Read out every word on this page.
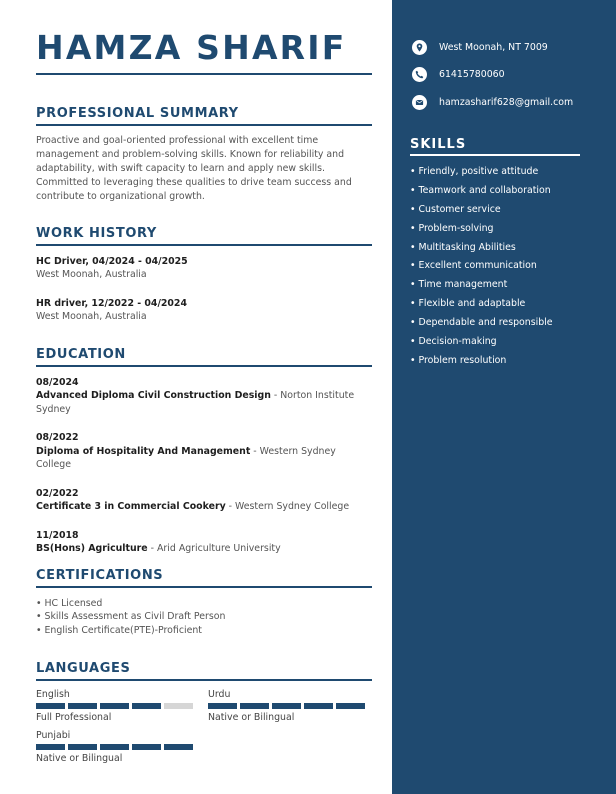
HAMZA SHARIF
PROFESSIONAL SUMMARY
Proactive and goal-oriented professional with excellent time management and problem-solving skills. Known for reliability and adaptability, with swift capacity to learn and apply new skills. Committed to leveraging these qualities to drive team success and contribute to organizational growth.
WORK HISTORY
HC Driver, 04/2024 - 04/2025
West Moonah, Australia
HR driver, 12/2022 - 04/2024
West Moonah, Australia
EDUCATION
08/2024
Advanced Diploma Civil Construction Design - Norton Institute Sydney
08/2022
Diploma of Hospitality And Management - Western Sydney College
02/2022
Certificate 3 in Commercial Cookery - Western Sydney College
11/2018
BS(Hons) Agriculture - Arid Agriculture University
CERTIFICATIONS
• HC Licensed
• Skills Assessment as Civil Draft Person
• English Certificate(PTE)-Proficient
LANGUAGES
English
Full Professional
Urdu
Native or Bilingual
Punjabi
Native or Bilingual
West Moonah, NT 7009
61415780060
hamzasharif628@gmail.com
SKILLS
• Friendly, positive attitude
• Teamwork and collaboration
• Customer service
• Problem-solving
• Multitasking Abilities
• Excellent communication
• Time management
• Flexible and adaptable
• Dependable and responsible
• Decision-making
• Problem resolution
